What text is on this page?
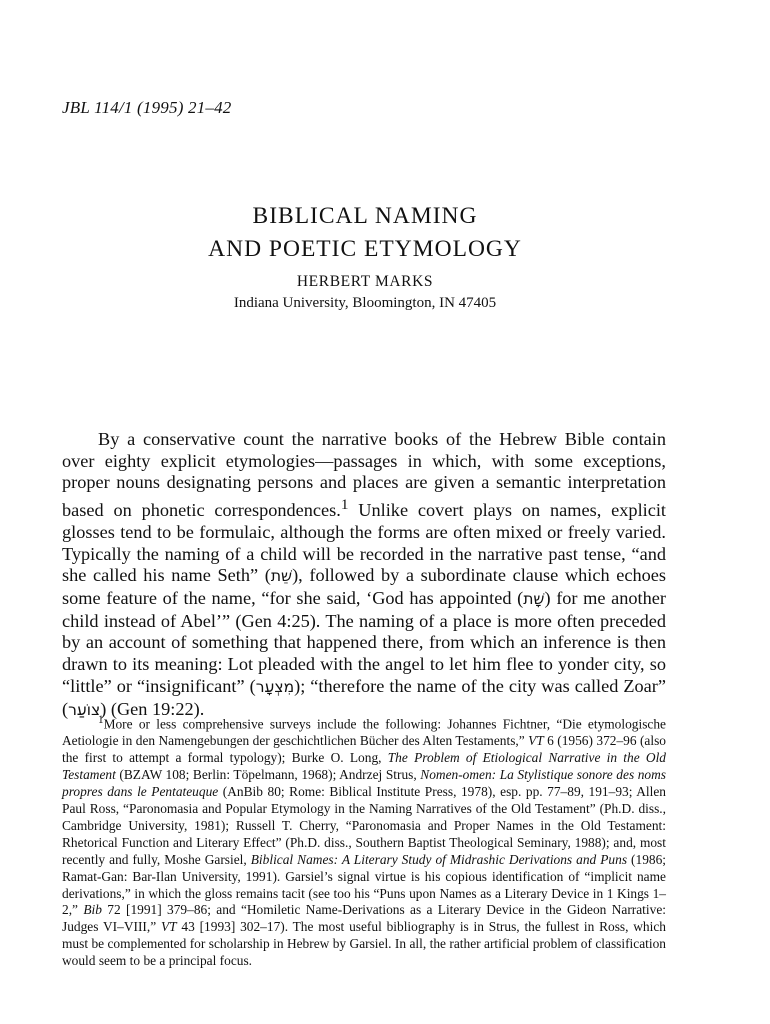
JBL 114/1 (1995) 21–42
BIBLICAL NAMING
AND POETIC ETYMOLOGY
HERBERT MARKS
Indiana University, Bloomington, IN 47405

By a conservative count the narrative books of the Hebrew Bible contain over eighty explicit etymologies—passages in which, with some exceptions, proper nouns designating persons and places are given a semantic interpretation based on phonetic correspondences.$^1$ Unlike covert plays on names, explicit glosses tend to be formulaic, although the forms are often mixed or freely varied. Typically the naming of a child will be recorded in the narrative past tense, “and she called his name Seth” (שֵׁת), followed by a subordinate clause which echoes some feature of the name, “for she said, ‘God has appointed (שָׁת) for me another child instead of Abel’” (Gen 4:25). The naming of a place is more often preceded by an account of something that happened there, from which an inference is then drawn to its meaning: Lot pleaded with the angel to let him flee to yonder city, so “little” or “insignificant” (מִצְעָר); “therefore the name of the city was called Zoar” (צוֹעַר) (Gen 19:22).

$^1$More or less comprehensive surveys include the following: Johannes Fichtner, “Die etymologische Aetiologie in den Namengebungen der geschichtlichen Bücher des Alten Testaments,” VT 6 (1956) 372–96 (also the first to attempt a formal typology); Burke O. Long, The Problem of Etiological Narrative in the Old Testament (BZAW 108; Berlin: Töpelmann, 1968); Andrzej Strus, Nomen-omen: La Stylistique sonore des noms propres dans le Pentateuque (AnBib 80; Rome: Biblical Institute Press, 1978), esp. pp. 77–89, 191–93; Allen Paul Ross, “Paronomasia and Popular Etymology in the Naming Narratives of the Old Testament” (Ph.D. diss., Cambridge University, 1981); Russell T. Cherry, “Paronomasia and Proper Names in the Old Testament: Rhetorical Function and Literary Effect” (Ph.D. diss., Southern Baptist Theological Seminary, 1988); and, most recently and fully, Moshe Garsiel, Biblical Names: A Literary Study of Midrashic Derivations and Puns (1986; Ramat-Gan: Bar-Ilan University, 1991). Garsiel’s signal virtue is his copious identification of “implicit name derivations,” in which the gloss remains tacit (see too his “Puns upon Names as a Literary Device in 1 Kings 1–2,” Bib 72 [1991] 379–86; and “Homiletic Name-Derivations as a Literary Device in the Gideon Narrative: Judges VI–VIII,” VT 43 [1993] 302–17). The most useful bibliography is in Strus, the fullest in Ross, which must be complemented for scholarship in Hebrew by Garsiel. In all, the rather artificial problem of classification would seem to be a principal focus.
